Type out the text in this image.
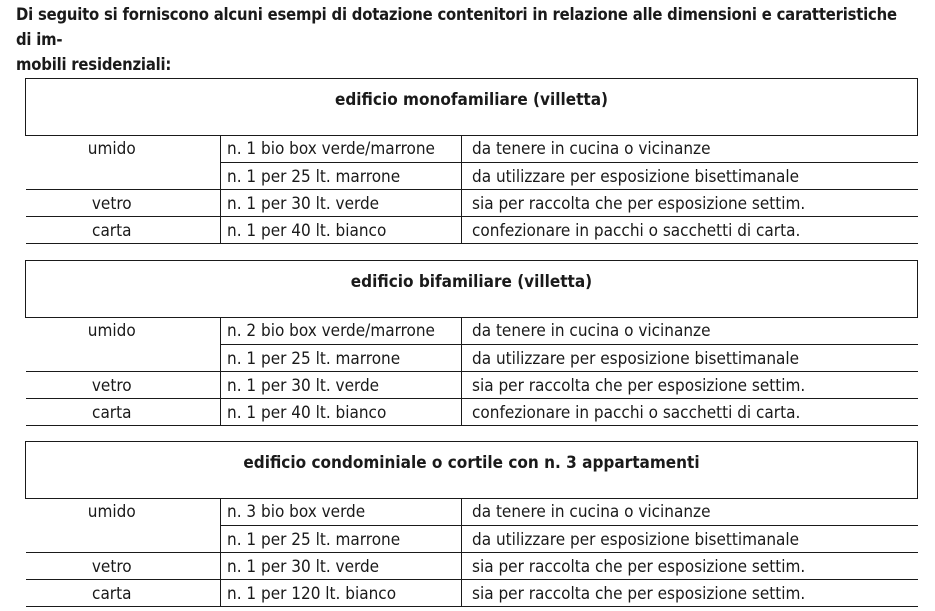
Di seguito si forniscono alcuni esempi di dotazione contenitori in relazione alle dimensioni e caratteristiche di im-
mobili residenziali:
edificio monofamiliare (villetta)		
umido	n. 1 bio box verde/marrone	da tenere in cucina o vicinanze
	n. 1 per 25 lt. marrone	da utilizzare per esposizione bisettimanale
vetro	n. 1 per 30 lt. verde	sia per raccolta che per esposizione settim.
carta	n. 1 per 40 lt. bianco	confezionare in pacchi o sacchetti di carta.
edificio bifamiliare (villetta)		
umido	n. 2 bio box verde/marrone	da tenere in cucina o vicinanze
	n. 1 per 25 lt. marrone	da utilizzare per esposizione bisettimanale
vetro	n. 1 per 30 lt. verde	sia per raccolta che per esposizione settim.
carta	n. 1 per 40 lt. bianco	confezionare in pacchi o sacchetti di carta.
edificio condominiale o cortile con n. 3 appartamenti		
umido	n. 3 bio box verde	da tenere in cucina o vicinanze
	n. 1 per 25 lt. marrone	da utilizzare per esposizione bisettimanale
vetro	n. 1 per 30 lt. verde	sia per raccolta che per esposizione settim.
carta	n. 1 per 120 lt. bianco	sia per raccolta che per esposizione settim.
